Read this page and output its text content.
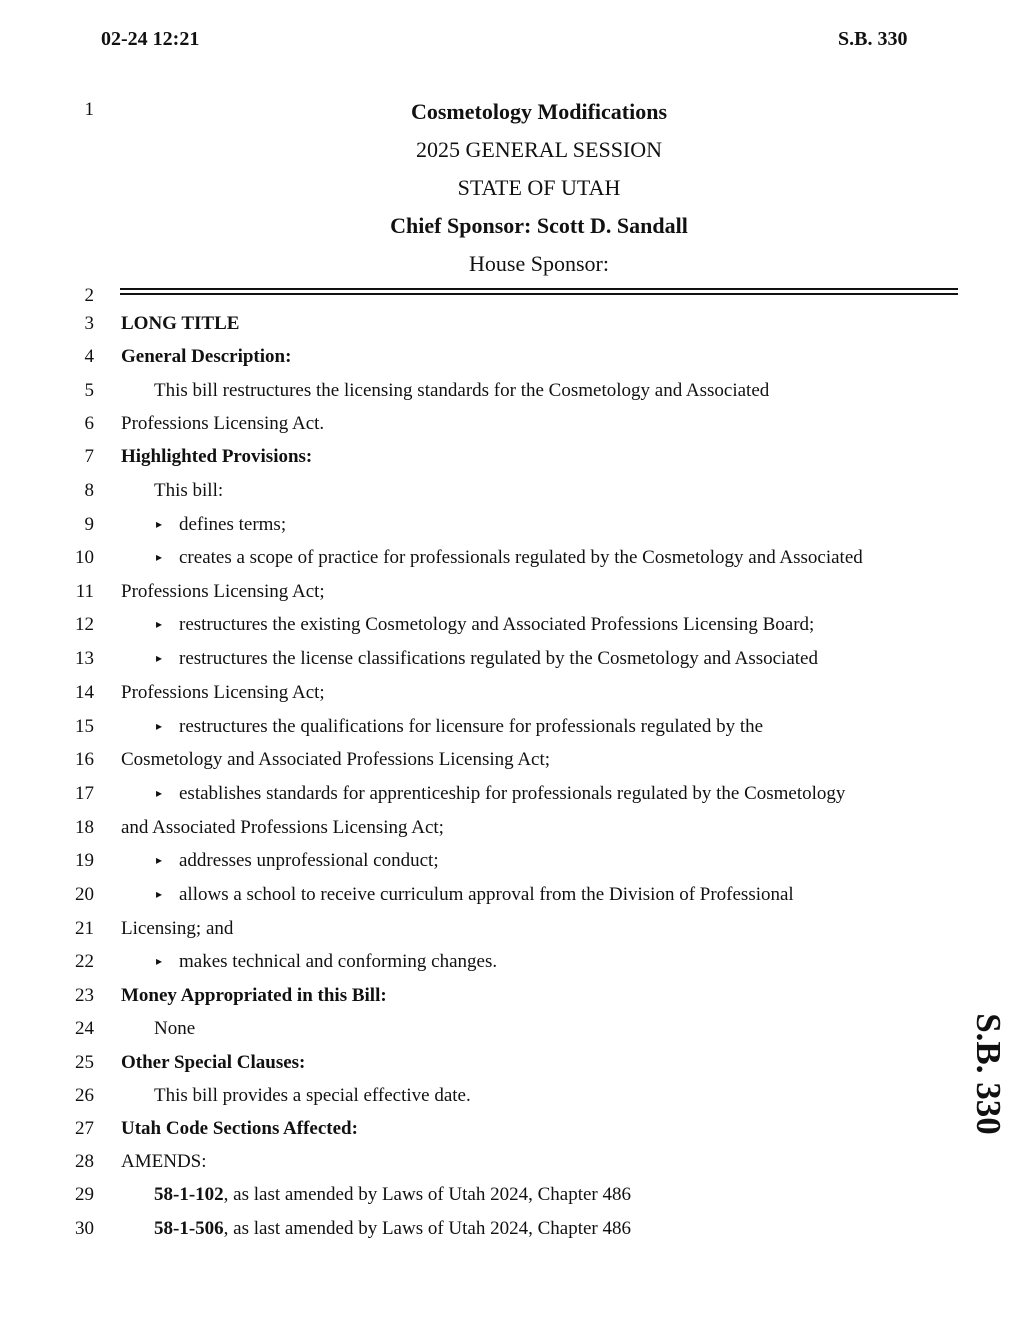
02-24 12:21	S.B. 330
1
2
3
4
5
6
7
8
9
10
11
12
13
14
15
16
17
18
19
20
21
22
23
24
25
26
27
28
29
30
Cosmetology Modifications
2025 GENERAL SESSION
STATE OF UTAH
Chief Sponsor: Scott D. Sandall
House Sponsor:
LONG TITLE
General Description:
This bill restructures the licensing standards for the Cosmetology and Associated
Professions Licensing Act.
Highlighted Provisions:
This bill:
▸ defines terms;
▸ creates a scope of practice for professionals regulated by the Cosmetology and Associated
Professions Licensing Act;
▸ restructures the existing Cosmetology and Associated Professions Licensing Board;
▸ restructures the license classifications regulated by the Cosmetology and Associated
Professions Licensing Act;
▸ restructures the qualifications for licensure for professionals regulated by the
Cosmetology and Associated Professions Licensing Act;
▸ establishes standards for apprenticeship for professionals regulated by the Cosmetology
and Associated Professions Licensing Act;
▸ addresses unprofessional conduct;
▸ allows a school to receive curriculum approval from the Division of Professional
Licensing; and
▸ makes technical and conforming changes.
Money Appropriated in this Bill:
None
Other Special Clauses:
This bill provides a special effective date.
Utah Code Sections Affected:
AMENDS:
58-1-102, as last amended by Laws of Utah 2024, Chapter 486
58-1-506, as last amended by Laws of Utah 2024, Chapter 486
S.B. 330
